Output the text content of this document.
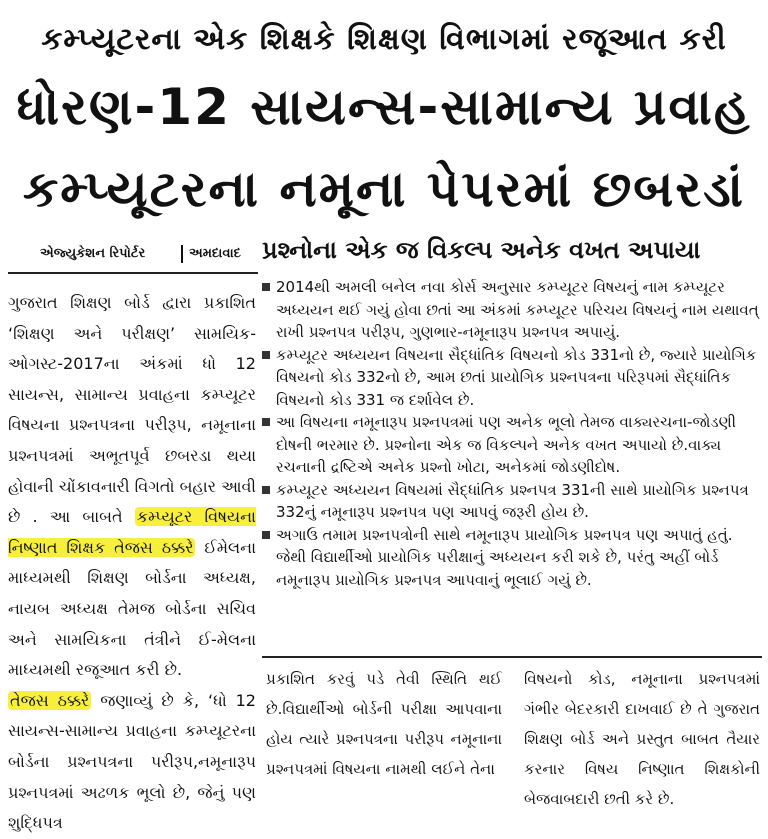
કમ્પ્યૂટરના એક શિક્ષકે શિક્ષણ વિભાગમાં રજૂઆત કરી
ધોરણ-12 સાયન્સ-સામાન્ય પ્રવાહ
કમ્પ્યૂટરના નમૂના પેપરમાં છબરડાં
એજ્યુકેશન રિપોર્ટર	અમદાવાદ પ્રશ્નોના એક જ વિકલ્પ અનેક વખત અપાયા

ગુજરાત શિક્ષણ બોર્ડ દ્વારા પ્રકાશિત ‘શિક્ષણ અને પરીક્ષણ’ સામયિક-ઓગસ્ટ-2017ના અંકમાં ધો 12 સાયન્સ, સામાન્ય પ્રવાહના કમ્પ્યૂટર વિષયના પ્રશ્નપત્રના પરીરૂપ, નમૂનાના પ્રશ્નપત્રમાં અભૂતપૂર્વ છબરડા થયા હોવાની ચોંકાવનારી વિગતો બહાર આવી છે . આ બાબતે કમ્પ્યૂટર વિષયના નિષ્ણાત શિક્ષક તેજસ ઠક્કરે ઈમેલના માધ્યમથી શિક્ષણ બોર્ડના અધ્યક્ષ, નાયબ અધ્યક્ષ તેમજ બોર્ડના સચિવ અને સામયિકના તંત્રીને ઈ-મેલના માધ્યમથી રજૂઆત કરી છે.

તેજસ ઠક્કરે જણાવ્યું છે કે, ‘ધો 12 સાયન્સ-સામાન્ય પ્રવાહના કમ્પ્યૂટરના બોર્ડના પ્રશ્નપત્રના પરીરૂપ,નમૂનારૂપ પ્રશ્નપત્રમાં અઢળક ભૂલો છે, જેનું પણ શુદ્ધિપત્ર

2014થી અમલી બનેલ નવા કોર્સ અનુસાર કમ્પ્યૂટર વિષયનું નામ કમ્પ્યૂટર અધ્યયન થઈ ગયું હોવા છતાં આ અંકમાં કમ્પ્યૂટર પરિચય વિષયનું નામ યથાવત્ રાખી પ્રશ્નપત્ર પરીરૂપ, ગુણભાર-નમૂનારૂપ પ્રશ્નપત્ર અપાયું.
કમ્પ્યૂટર અધ્યયન વિષયના સૈદ્ધાંતિક વિષયનો કોડ 331નો છે, જ્યારે પ્રાયોગિક વિષયનો કોડ 332નો છે, આમ છતાં પ્રાયોગિક પ્રશ્નપત્રના પરિરૂપમાં સૈદ્ધાંતિક વિષયનો કોડ 331 જ દર્શાવેલ છે.
આ વિષયના નમૂનારૂપ પ્રશ્નપત્રમાં પણ અનેક ભૂલો તેમજ વાક્યરચના-જોડણી દોષની ભરમાર છે. પ્રશ્નોના એક જ વિકલ્પને અનેક વખત અપાયો છે.વાક્ય રચનાની દ્રષ્ટિએ અનેક પ્રશ્નો ખોટા, અનેકમાં જોડણીદોષ.
કમ્પ્યૂટર અધ્યયન વિષયમાં સૈદ્ધાંતિક પ્રશ્નપત્ર 331ની સાથે પ્રાયોગિક પ્રશ્નપત્ર 332નું નમૂનારૂપ પ્રશ્નપત્ર પણ આપવું જરૂરી હોય છે.
અગાઉ તમામ પ્રશ્નપત્રોની સાથે નમૂનારૂપ પ્રાયોગિક પ્રશ્નપત્ર પણ અપાતું હતું. જેથી વિદ્યાર્થીઓ પ્રાયોગિક પરીક્ષાનું અધ્યયન કરી શકે છે, પરંતુ અહીં બોર્ડ નમૂનારૂપ પ્રાયોગિક પ્રશ્નપત્ર આપવાનું ભૂલાઈ ગયું છે.

પ્રકાશિત કરવું પડે તેવી સ્થિતિ થઈ છે.વિદ્યાર્થીઓ બોર્ડની પરીક્ષા આપવાના હોય ત્યારે પ્રશ્નપત્રના પરીરૂપ નમૂનાના પ્રશ્નપત્રમાં વિષયના નામથી લઈને તેના

વિષયનો કોડ, નમૂનાના પ્રશ્નપત્રમાં ગંભીર બેદરકારી દાખવાઈ છે તે ગુજરાત શિક્ષણ બોર્ડ અને પ્રસ્તુત બાબત તૈયાર કરનાર વિષય નિષ્ણાત શિક્ષકોની બેજવાબદારી છતી કરે છે.
